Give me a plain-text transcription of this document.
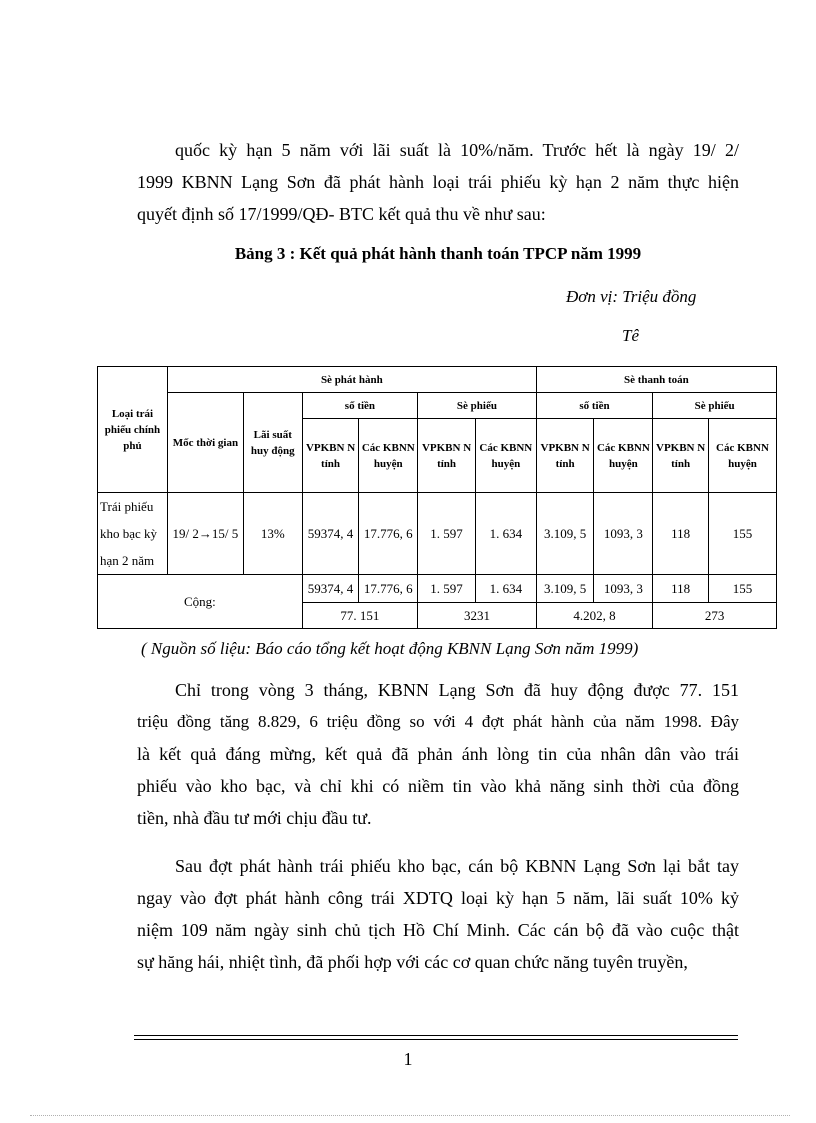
quốc kỳ hạn 5 năm với lãi suất là 10%/năm. Trước hết là ngày 19/ 2/
1999 KBNN Lạng Sơn đã phát hành loại trái phiếu kỳ hạn 2 năm thực hiện
quyết định số 17/1999/QĐ- BTC kết quả thu về như sau:
Bảng 3 : Kết quả phát hành thanh toán TPCP năm 1999
Đơn vị: Triệu đồng
Tê
Loại trái phiếu chính phủ	Sè phát hành						Sè thanh toán			
	Mốc thời gian	Lãi suất huy động	số tiền		Sè phiếu		số tiền		Sè phiếu	
			VPKBN N tỉnh	Các KBNN huyện	VPKBN N tỉnh	Các KBNN huyện	VPKBN N tỉnh	Các KBNN huyện	VPKBN N tỉnh	Các KBNN huyện
Trái phiếu kho bạc kỳ hạn 2 năm	19/ 2→15/ 5	13%	59374, 4	17.776, 6	1. 597	1. 634	3.109, 5	1093, 3	118	155
Cộng:			59374, 4	17.776, 6	1. 597	1. 634	3.109, 5	1093, 3	118	155
			77. 151		3231		4.202, 8		273	
( Nguồn số liệu: Báo cáo tổng kết hoạt động KBNN Lạng Sơn năm 1999)
Chỉ trong vòng 3 tháng, KBNN Lạng Sơn đã huy động được 77. 151
triệu đồng tăng 8.829, 6 triệu đồng so với 4 đợt phát hành của năm 1998. Đây
là kết quả đáng mừng, kết quả đã phản ánh lòng tin của nhân dân vào trái
phiếu vào kho bạc, và chỉ khi có niềm tin vào khả năng sinh thời của đồng
tiền, nhà đầu tư mới chịu đầu tư.
Sau đợt phát hành trái phiếu kho bạc, cán bộ KBNN Lạng Sơn lại bắt tay
ngay vào đợt phát hành công trái XDTQ loại kỳ hạn 5 năm, lãi suất 10% kỷ
niệm 109 năm ngày sinh chủ tịch Hồ Chí Minh. Các cán bộ đã vào cuộc thật
sự hăng hái, nhiệt tình, đã phối hợp với các cơ quan chức năng tuyên truyền,
1
